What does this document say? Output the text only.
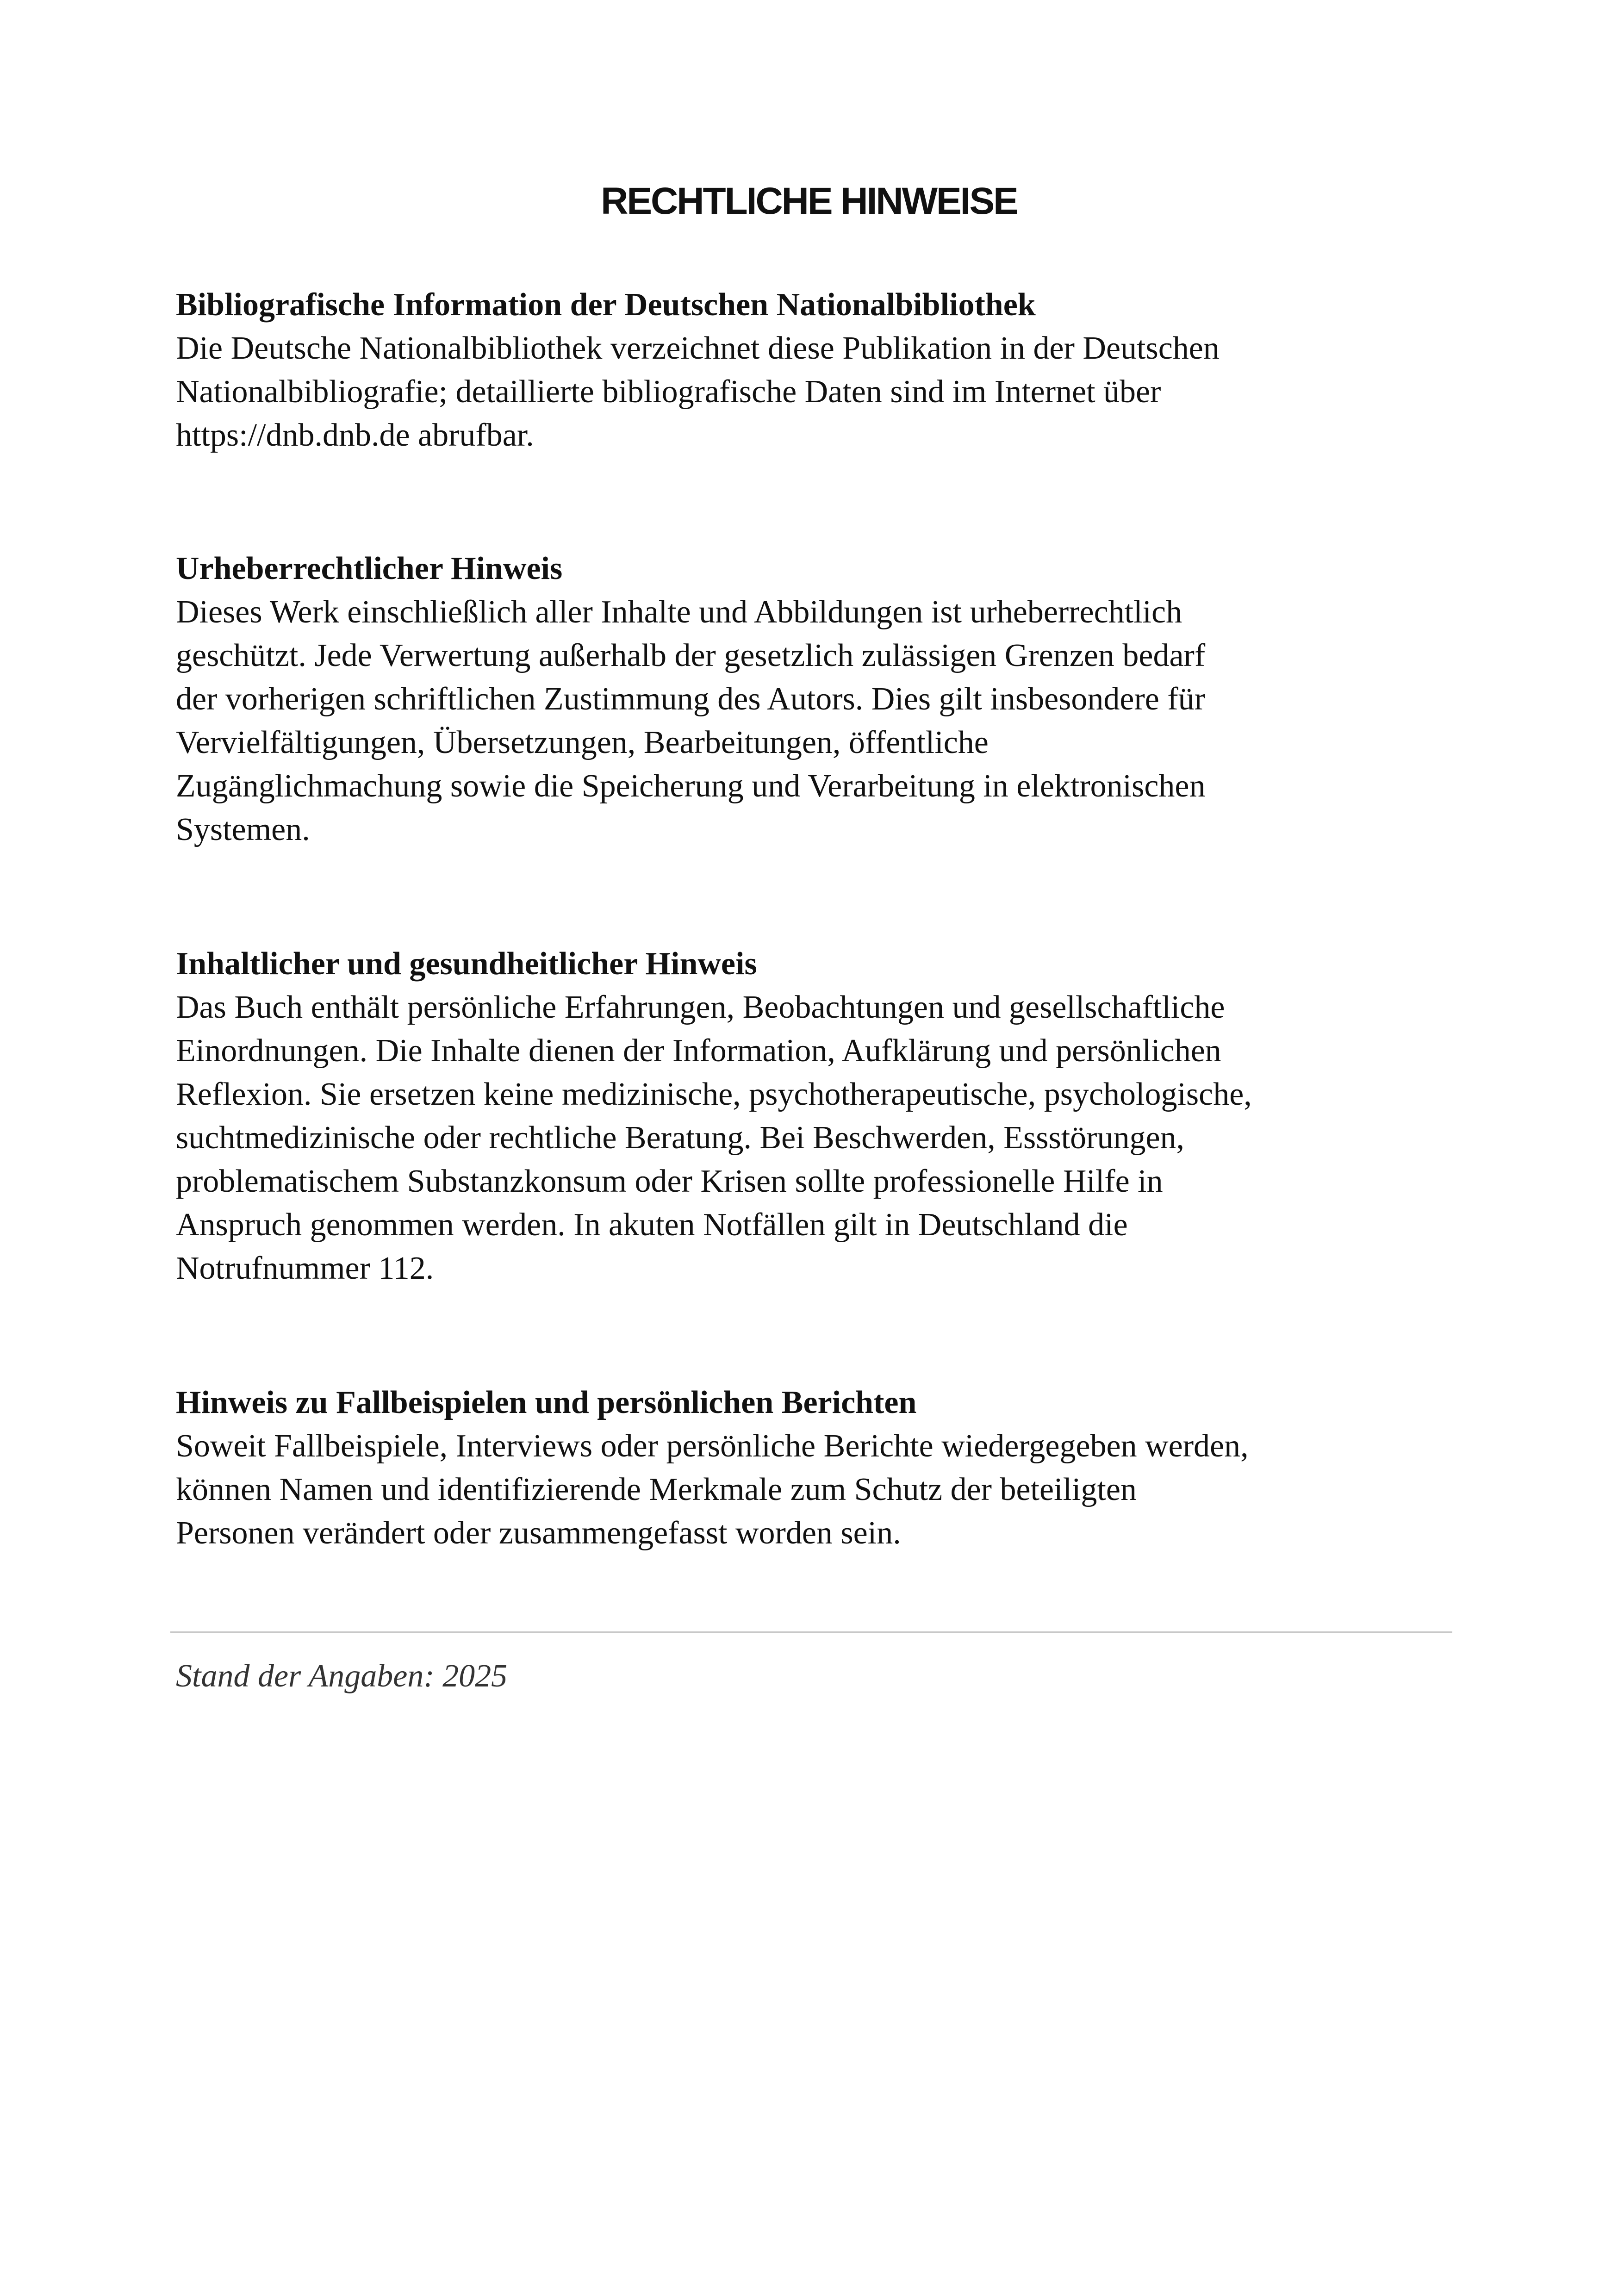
RECHTLICHE HINWEISE
Bibliografische Information der Deutschen Nationalbibliothek

Die Deutsche Nationalbibliothek verzeichnet diese Publikation in der Deutschen
Nationalbibliografie; detaillierte bibliografische Daten sind im Internet über
https://dnb.dnb.de abrufbar.

Urheberrechtlicher Hinweis

Dieses Werk einschließlich aller Inhalte und Abbildungen ist urheberrechtlich
geschützt. Jede Verwertung außerhalb der gesetzlich zulässigen Grenzen bedarf
der vorherigen schriftlichen Zustimmung des Autors. Dies gilt insbesondere für
Vervielfältigungen, Übersetzungen, Bearbeitungen, öffentliche
Zugänglichmachung sowie die Speicherung und Verarbeitung in elektronischen
Systemen.

Inhaltlicher und gesundheitlicher Hinweis

Das Buch enthält persönliche Erfahrungen, Beobachtungen und gesellschaftliche
Einordnungen. Die Inhalte dienen der Information, Aufklärung und persönlichen
Reflexion. Sie ersetzen keine medizinische, psychotherapeutische, psychologische,
suchtmedizinische oder rechtliche Beratung. Bei Beschwerden, Essstörungen,
problematischem Substanzkonsum oder Krisen sollte professionelle Hilfe in
Anspruch genommen werden. In akuten Notfällen gilt in Deutschland die
Notrufnummer 112.

Hinweis zu Fallbeispielen und persönlichen Berichten

Soweit Fallbeispiele, Interviews oder persönliche Berichte wiedergegeben werden,
können Namen und identifizierende Merkmale zum Schutz der beteiligten
Personen verändert oder zusammengefasst worden sein.

Stand der Angaben: 2025
